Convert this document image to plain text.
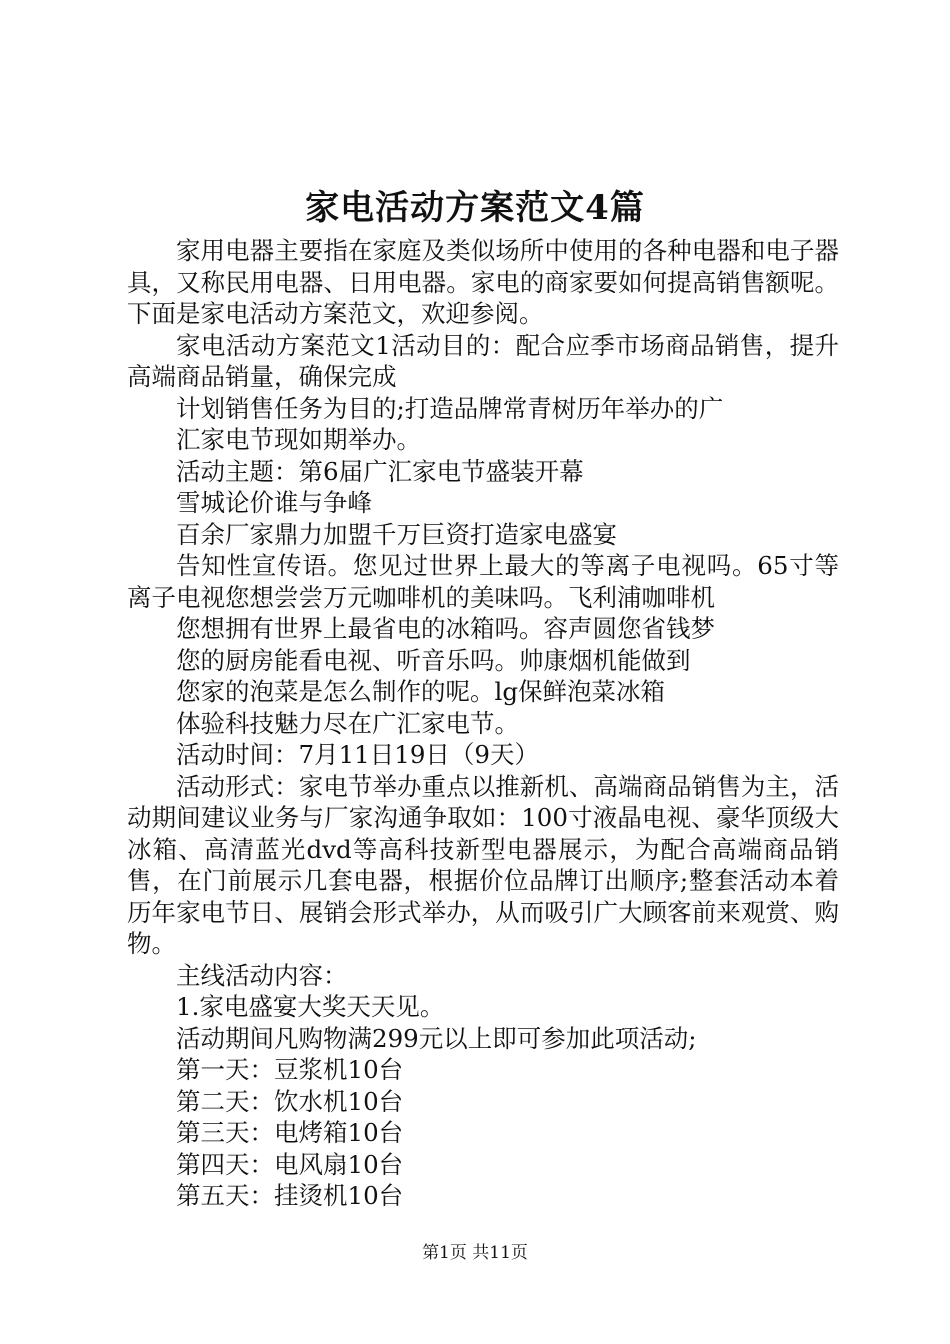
家电活动方案范文4篇

家用电器主要指在家庭及类似场所中使用的各种电器和电子器具，又称民用电器、日用电器。家电的商家要如何提高销售额呢。下面是家电活动方案范文，欢迎参阅。

家电活动方案范文1活动目的：配合应季市场商品销售，提升高端商品销量，确保完成

计划销售任务为目的;打造品牌常青树历年举办的广

汇家电节现如期举办。

活动主题：第6届广汇家电节盛装开幕

雪城论价谁与争峰

百余厂家鼎力加盟千万巨资打造家电盛宴

告知性宣传语。您见过世界上最大的等离子电视吗。65寸等离子电视您想尝尝万元咖啡机的美味吗。飞利浦咖啡机

您想拥有世界上最省电的冰箱吗。容声圆您省钱梦

您的厨房能看电视、听音乐吗。帅康烟机能做到

您家的泡菜是怎么制作的呢。lg保鲜泡菜冰箱

体验科技魅力尽在广汇家电节。

活动时间：7月11日19日（9天）

活动形式：家电节举办重点以推新机、高端商品销售为主，活动期间建议业务与厂家沟通争取如：100寸液晶电视、豪华顶级大冰箱、高清蓝光dvd等高科技新型电器展示，为配合高端商品销售，在门前展示几套电器，根据价位品牌订出顺序;整套活动本着历年家电节日、展销会形式举办，从而吸引广大顾客前来观赏、购物。

主线活动内容：

1.家电盛宴大奖天天见。

活动期间凡购物满299元以上即可参加此项活动;

第一天：豆浆机10台

第二天：饮水机10台

第三天：电烤箱10台

第四天：电风扇10台

第五天：挂烫机10台

第1页 共11页
